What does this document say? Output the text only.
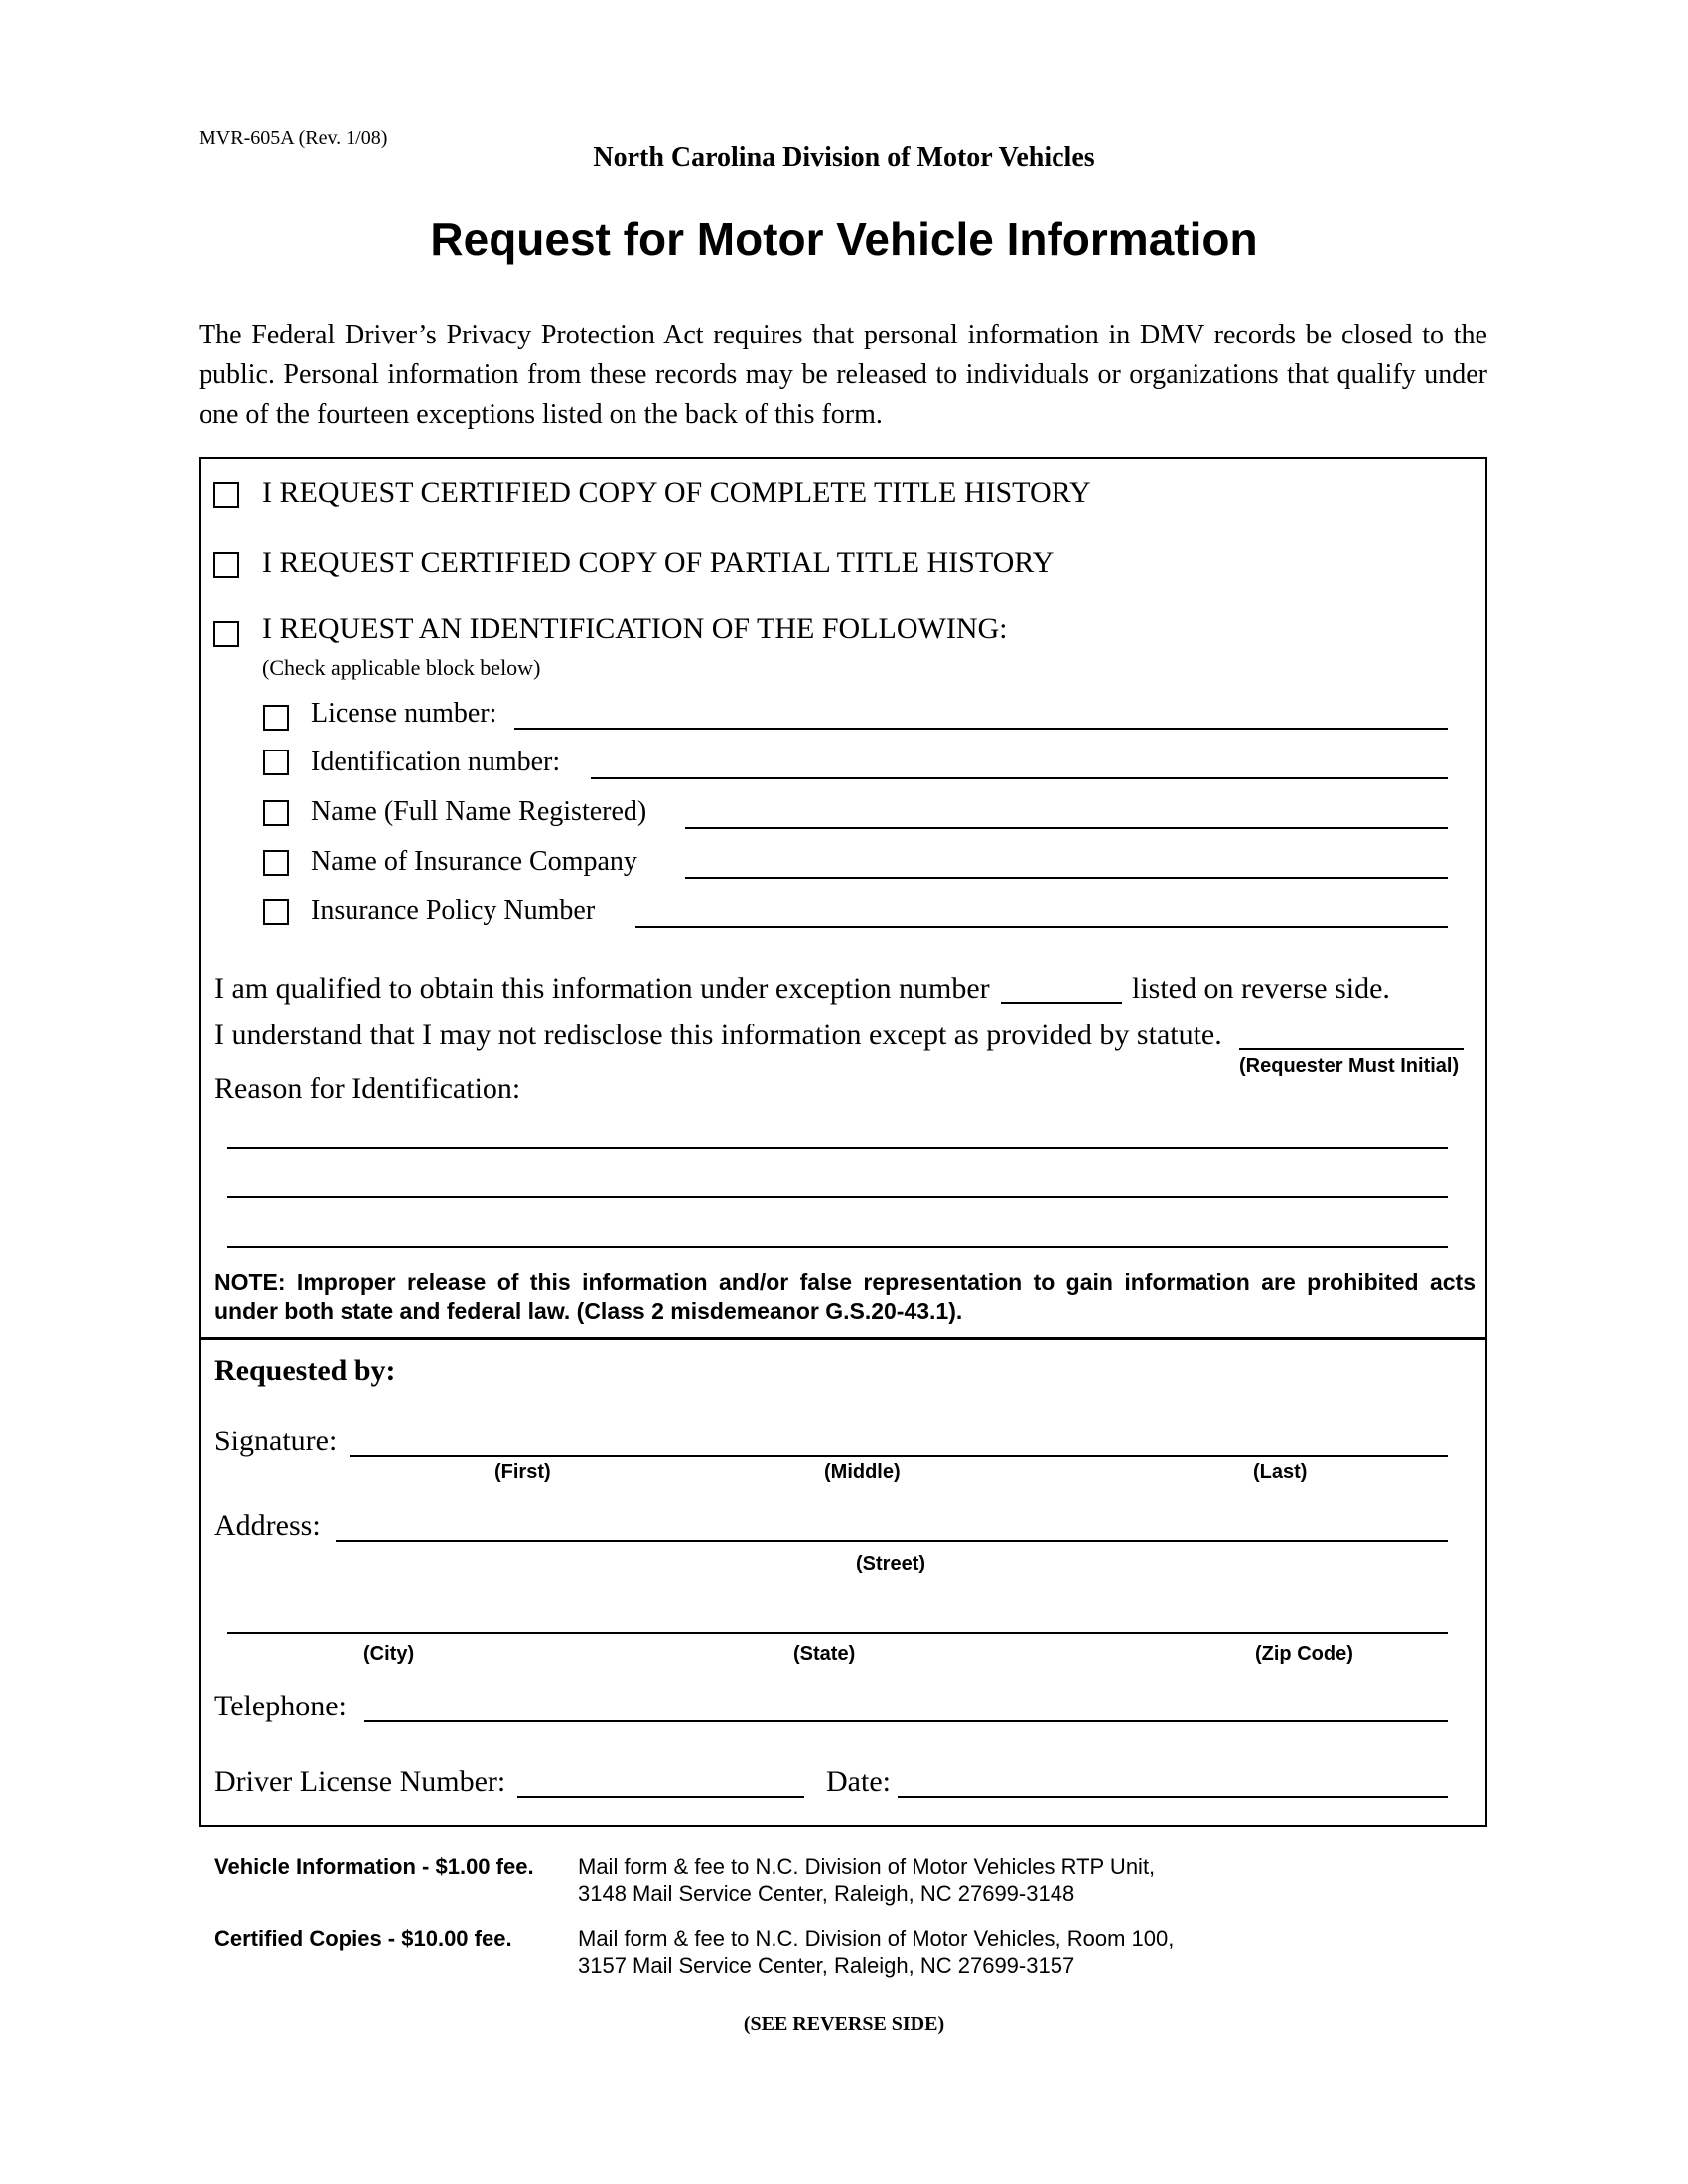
MVR-605A (Rev. 1/08)
North Carolina Division of Motor Vehicles
Request for Motor Vehicle Information
The Federal Driver’s Privacy Protection Act requires that personal information in DMV records be closed to the public. Personal information from these records may be released to individuals or organizations that qualify under one of the fourteen exceptions listed on the back of this form.
I REQUEST CERTIFIED COPY OF COMPLETE TITLE HISTORY
I REQUEST CERTIFIED COPY OF PARTIAL TITLE HISTORY
I REQUEST AN IDENTIFICATION OF THE FOLLOWING:
(Check applicable block below)
License number:
Identification number:
Name (Full Name Registered)
Name of Insurance Company
Insurance Policy Number
I am qualified to obtain this information under exception number	listed on reverse side.
I understand that I may not redisclose this information except as provided by statute.
(Requester Must Initial)
Reason for Identification:
NOTE: Improper release of this information and/or false representation to gain information are prohibited acts under both state and federal law. (Class 2 misdemeanor G.S.20-43.1).
Requested by:
Signature:
(First)	(Middle)	(Last)
Address:
(Street)
(City)	(State)	(Zip Code)
Telephone:
Driver License Number:	Date:
Vehicle Information - $1.00 fee. Mail form & fee to N.C. Division of Motor Vehicles RTP Unit,
3148 Mail Service Center, Raleigh, NC 27699-3148
Certified Copies - $10.00 fee.	Mail form & fee to N.C. Division of Motor Vehicles, Room 100,
3157 Mail Service Center, Raleigh, NC 27699-3157
(SEE REVERSE SIDE)
